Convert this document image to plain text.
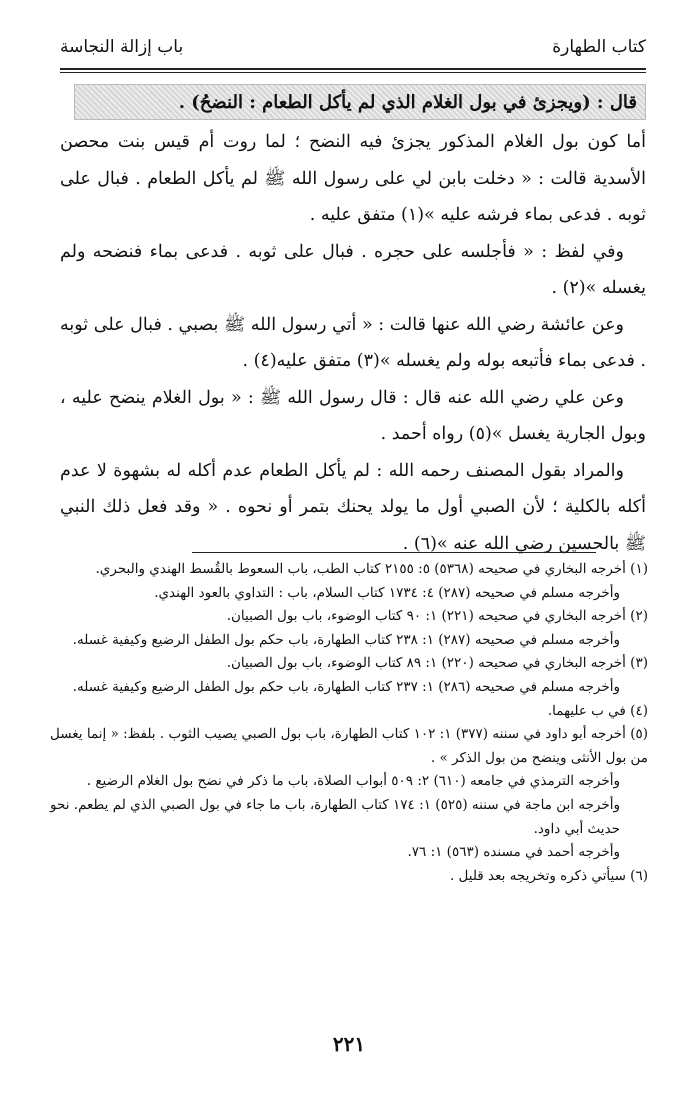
كتاب الطهارة
باب إزالة النجاسة
قال : (ويجزئ في بول الغلام الذي لم يأكل الطعام : النضحُ) .

أما كون بول الغلام المذكور يجزئ فيه النضح ؛ لما روت أم قيس بنت محصن الأسدية قالت : « دخلت بابن لي على رسول الله ﷺ لم يأكل الطعام . فبال على ثوبه . فدعى بماء فرشه عليه »(١) متفق عليه .

وفي لفظ : « فأجلسه على حجره . فبال على ثوبه . فدعى بماء فنضحه ولم يغسله »(٢) .

وعن عائشة رضي الله عنها قالت : « أتي رسول الله ﷺ بصبي . فبال على ثوبه . فدعى بماء فأتبعه بوله ولم يغسله »(٣) متفق عليه(٤) .

وعن علي رضي الله عنه قال : قال رسول الله ﷺ : « بول الغلام ينضح عليه ، وبول الجارية يغسل »(٥) رواه أحمد .

والمراد بقول المصنف رحمه الله : لم يأكل الطعام عدم أكله له بشهوة لا عدم أكله بالكلية ؛ لأن الصبي أول ما يولد يحنك بتمر أو نحوه . « وقد فعل ذلك النبي ﷺ بالحسين رضي الله عنه »(٦) .

(١) أخرجه البخاري في صحيحه (٥٣٦٨) ٥: ٢١٥٥ كتاب الطب، باب السعوط بالقُسط الهندي والبحري.

وأخرجه مسلم في صحيحه (٢٨٧) ٤: ١٧٣٤ كتاب السلام، باب : التداوي بالعود الهندي.

(٢) أخرجه البخاري في صحيحه (٢٢١) ١: ٩٠ كتاب الوضوء، باب بول الصبيان.

وأخرجه مسلم في صحيحه (٢٨٧) ١: ٢٣٨ كتاب الطهارة، باب حكم بول الطفل الرضيع وكيفية غسله.

(٣) أخرجه البخاري في صحيحه (٢٢٠) ١: ٨٩ كتاب الوضوء، باب بول الصبيان.

وأخرجه مسلم في صحيحه (٢٨٦) ١: ٢٣٧ كتاب الطهارة، باب حكم بول الطفل الرضيع وكيفية غسله.

(٤) في ب عليهما.

(٥) أخرجه أبو داود في سننه (٣٧٧) ١: ١٠٢ كتاب الطهارة، باب بول الصبي يصيب الثوب . بلفظ: « إنما يغسل من بول الأنثى وينضح من بول الذكر » .

وأخرجه الترمذي في جامعه (٦١٠) ٢: ٥٠٩ أبواب الصلاة، باب ما ذكر في نضح بول الغلام الرضيع .

وأخرجه ابن ماجة في سننه (٥٢٥) ١: ١٧٤ كتاب الطهارة، باب ما جاء في بول الصبي الذي لم يطعم. نحو حديث أبي داود.

وأخرجه أحمد في مسنده (٥٦٣) ١: ٧٦.

(٦) سيأتي ذكره وتخريجه بعد قليل .

٢٢١
